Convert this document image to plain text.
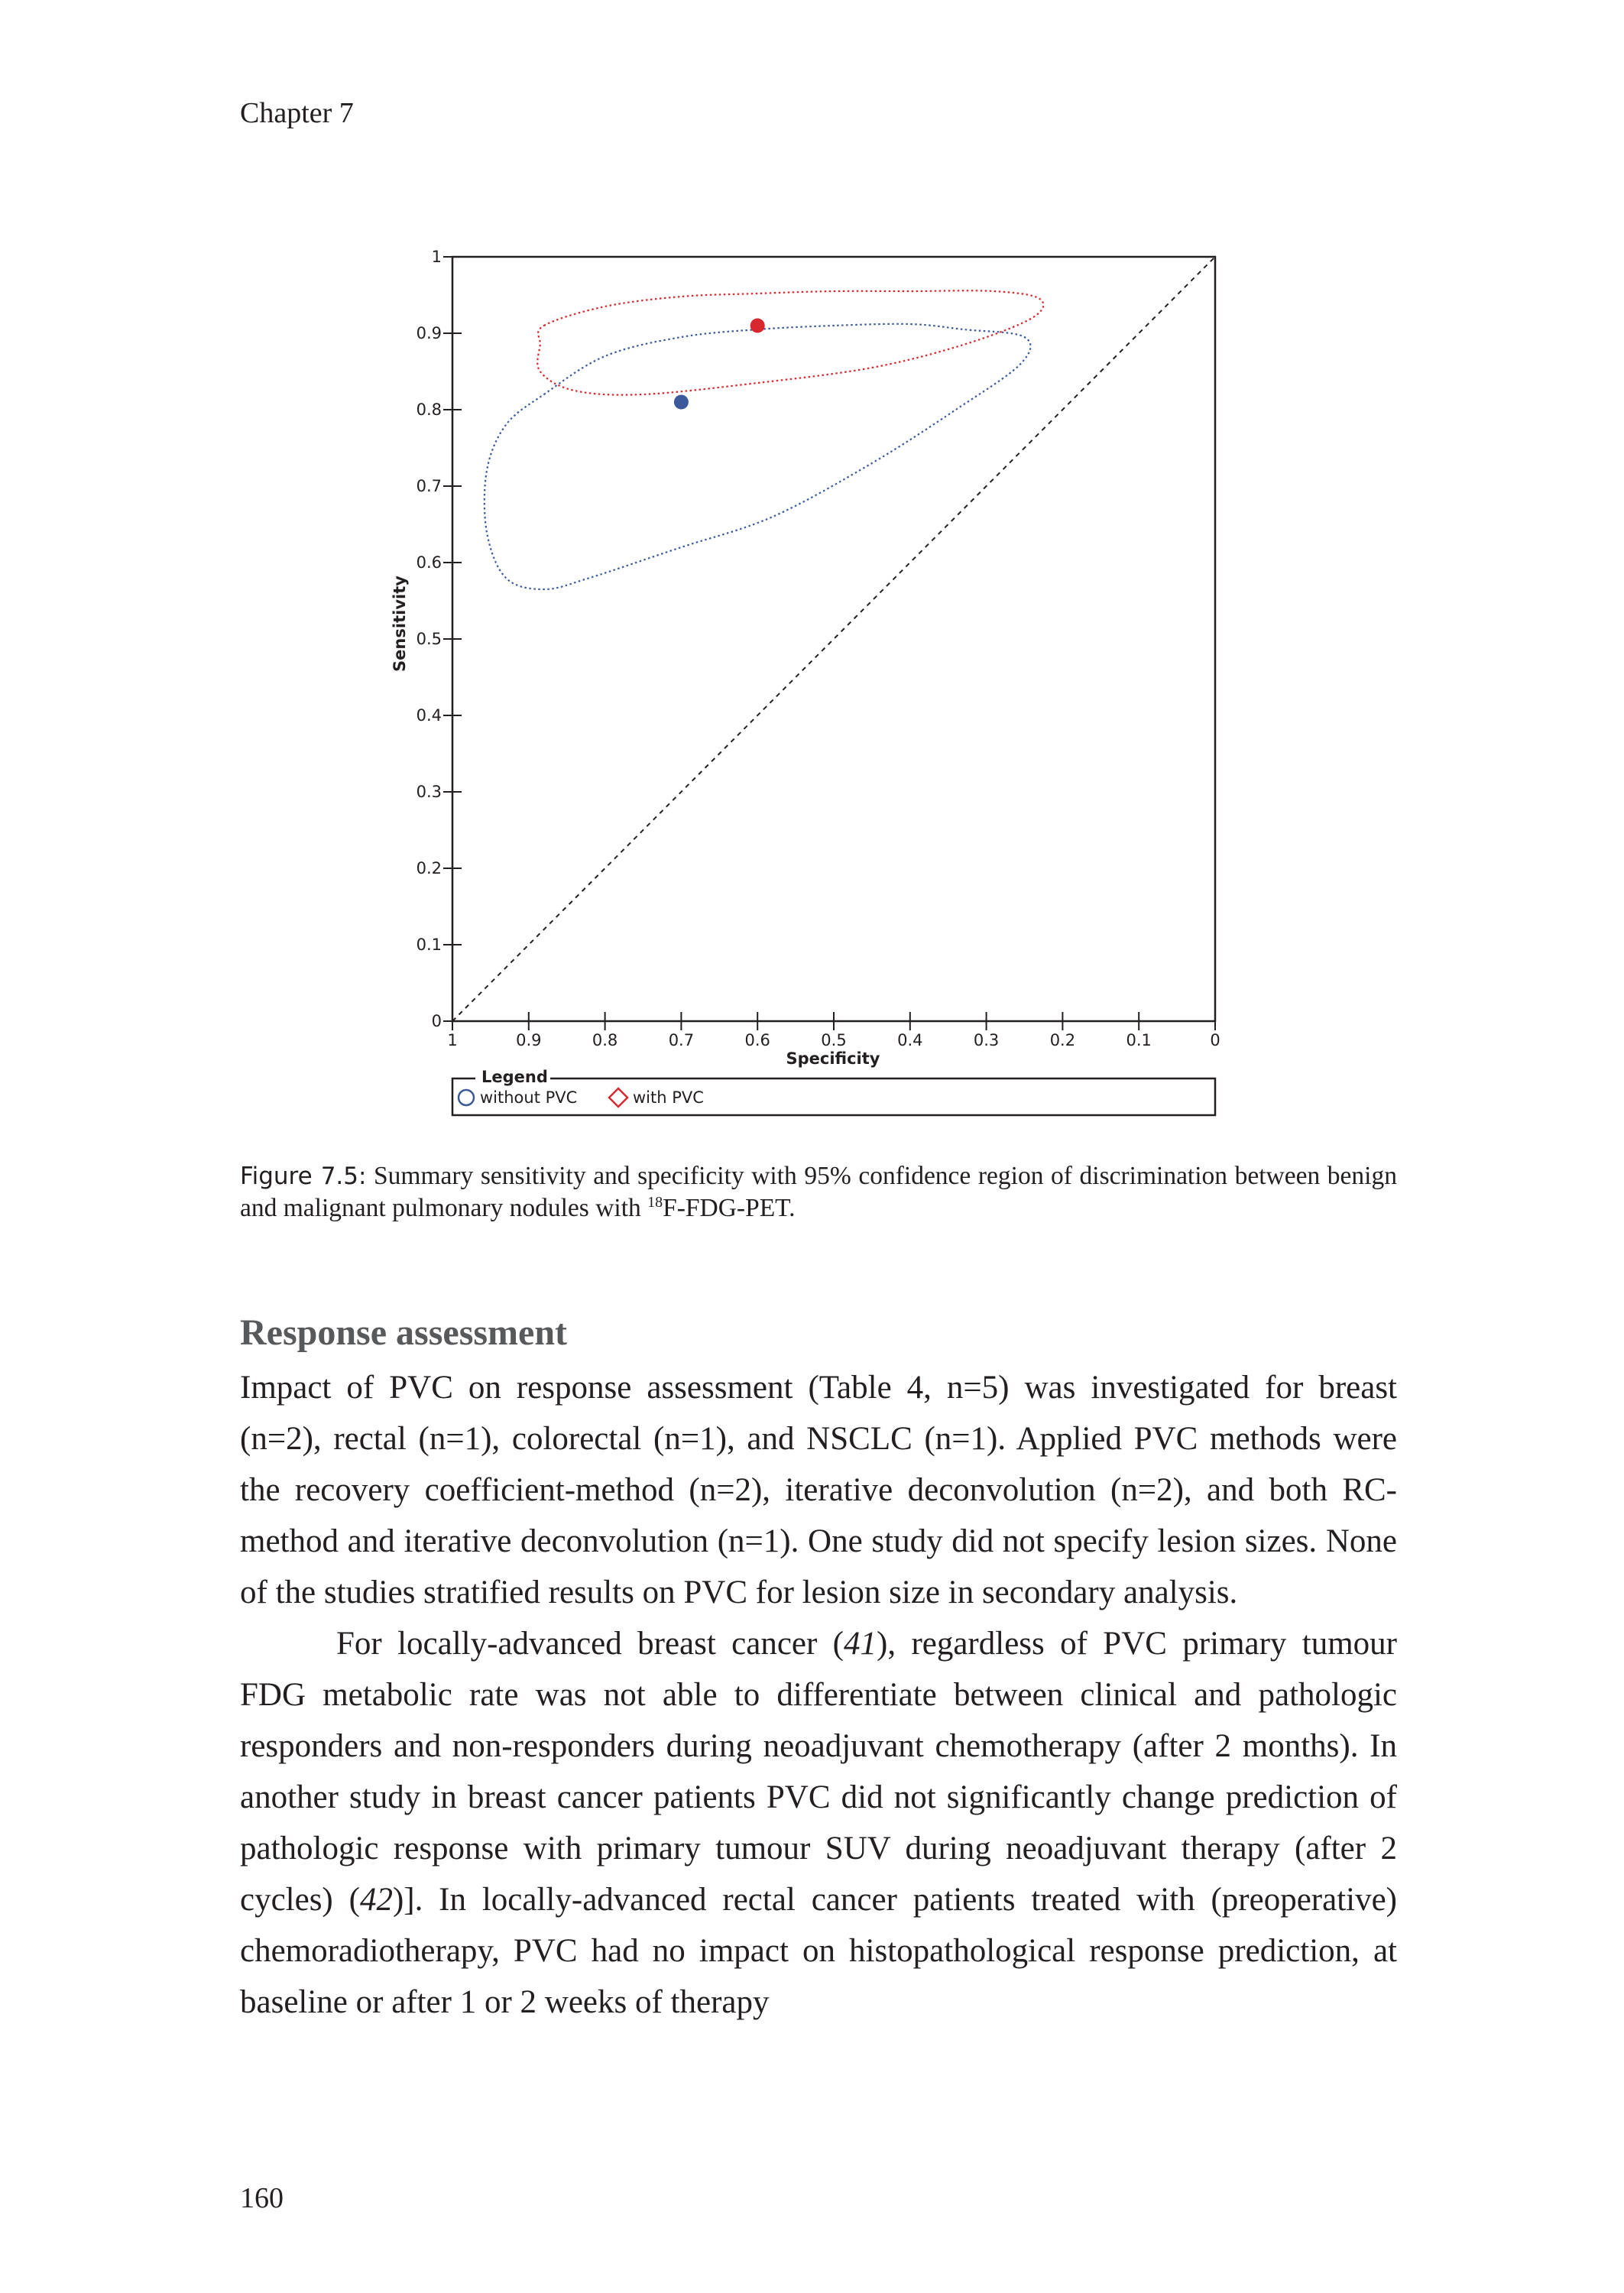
Chapter 7
Sensitivity
Specificity
0
0.1
0.2
0.3
0.4
0.5
0.6
0.7
0.8
0.9
1
1	0.9	0.8	0.7	0.6	0.5	0.4	0.3	0.2	0.1	0
Legend
without PVC	with PVC
Figure 7.5: Summary sensitivity and specificity with 95% confidence region of discrimination between benign and malignant pulmonary nodules with $^{18}$F-FDG-PET.
Response assessment

Impact of PVC on response assessment (Table 4, n=5) was investigated for breast (n=2), rectal (n=1), colorectal (n=1), and NSCLC (n=1). Applied PVC methods were the recovery coefficient-method (n=2), iterative deconvolution (n=2), and both RC-method and iterative deconvolution (n=1). One study did not specify lesion sizes. None of the studies stratified results on PVC for lesion size in secondary analysis.

For locally-advanced breast cancer (41), regardless of PVC primary tumour FDG metabolic rate was not able to differentiate between clinical and pathologic responders and non-responders during neoadjuvant chemotherapy (after 2 months). In another study in breast cancer patients PVC did not significantly change prediction of pathologic response with primary tumour SUV during neoadjuvant therapy (after 2 cycles) (42)]. In locally-advanced rectal cancer patients treated with (preoperative) chemoradiotherapy, PVC had no impact on histopathological response prediction, at baseline or after 1 or 2 weeks of therapy

160
